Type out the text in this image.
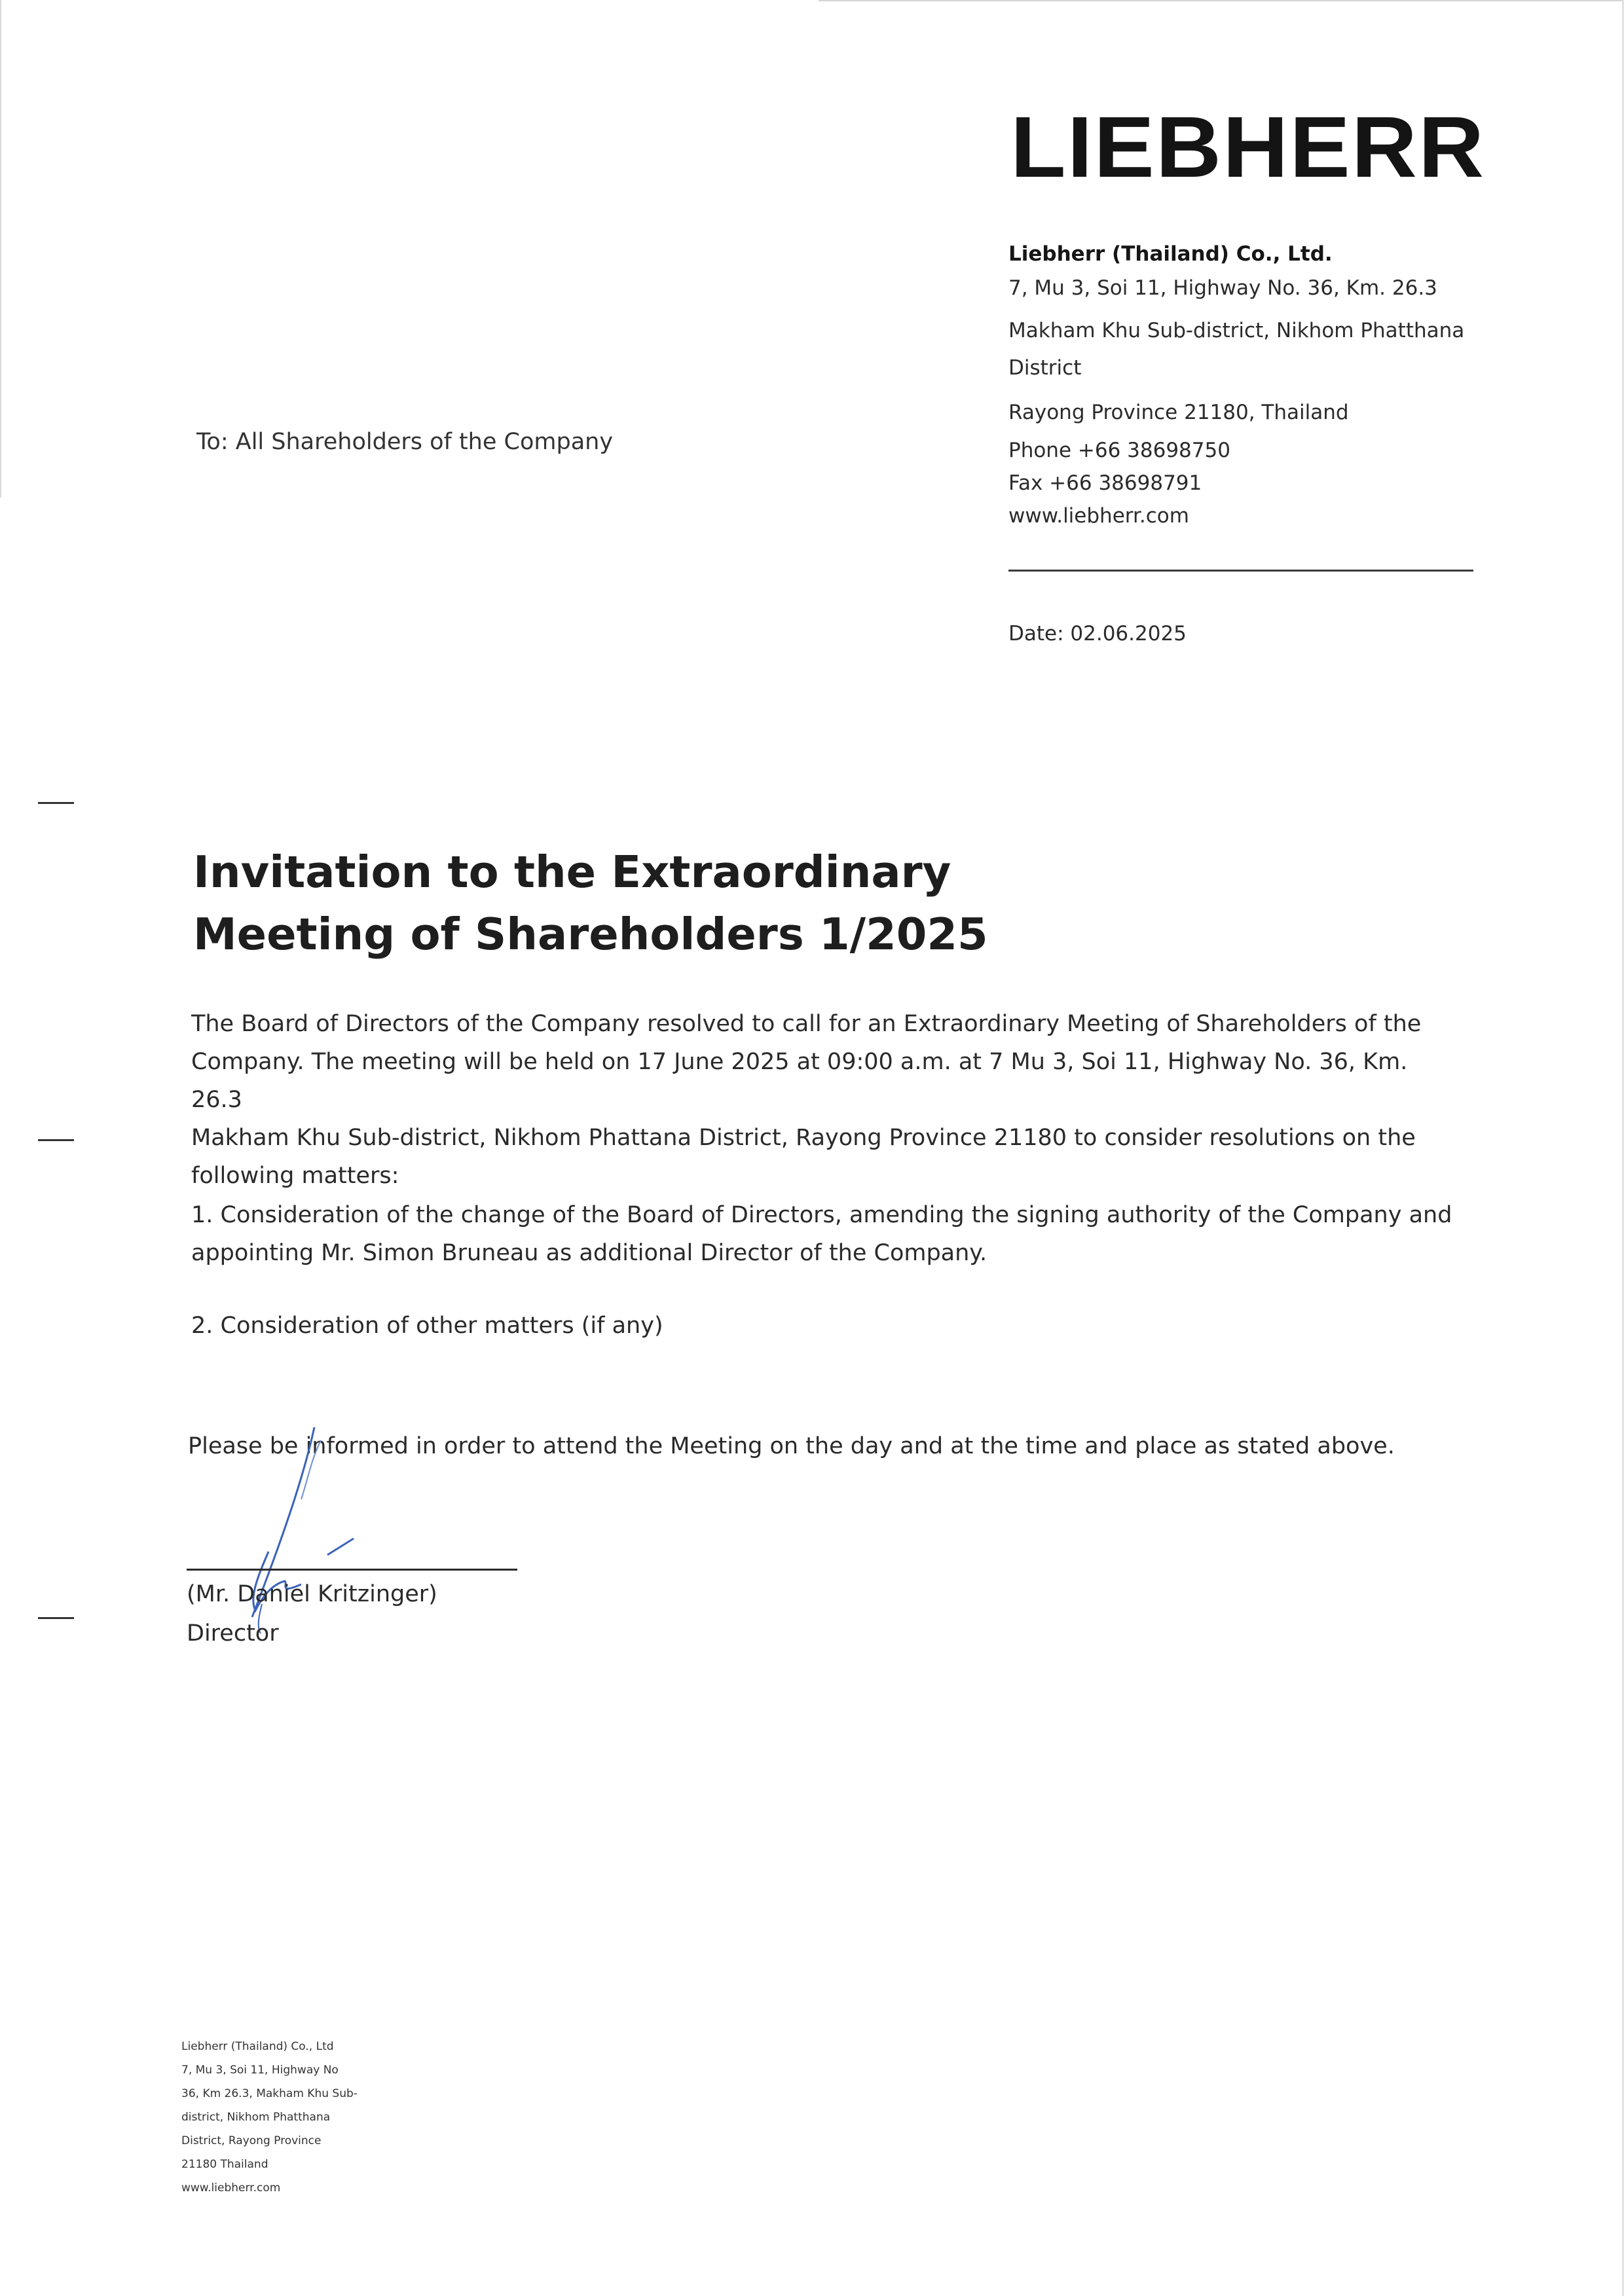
LIEBHERR
Liebherr (Thailand) Co., Ltd.
7, Mu 3, Soi 11, Highway No. 36, Km. 26.3
Makham Khu Sub-district, Nikhom Phatthana
District
Rayong Province 21180, Thailand
Phone +66 38698750
Fax +66 38698791
www.liebherr.com
Date: 02.06.2025
To: All Shareholders of the Company
Invitation to the Extraordinary
Meeting of Shareholders 1/2025
The Board of Directors of the Company resolved to call for an Extraordinary Meeting of Shareholders of the
Company. The meeting will be held on 17 June 2025 at 09:00 a.m. at 7 Mu 3, Soi 11, Highway No. 36, Km. 26.3
Makham Khu Sub-district, Nikhom Phattana District, Rayong Province 21180 to consider resolutions on the
following matters:
1. Consideration of the change of the Board of Directors, amending the signing authority of the Company and
appointing Mr. Simon Bruneau as additional Director of the Company.
2. Consideration of other matters (if any)
Please be informed in order to attend the Meeting on the day and at the time and place as stated above.
(Mr. Daniel Kritzinger)
Director
Liebherr (Thailand) Co., Ltd
7, Mu 3, Soi 11, Highway No
36, Km 26.3, Makham Khu Sub-
district, Nikhom Phatthana
District, Rayong Province
21180 Thailand
www.liebherr.com
